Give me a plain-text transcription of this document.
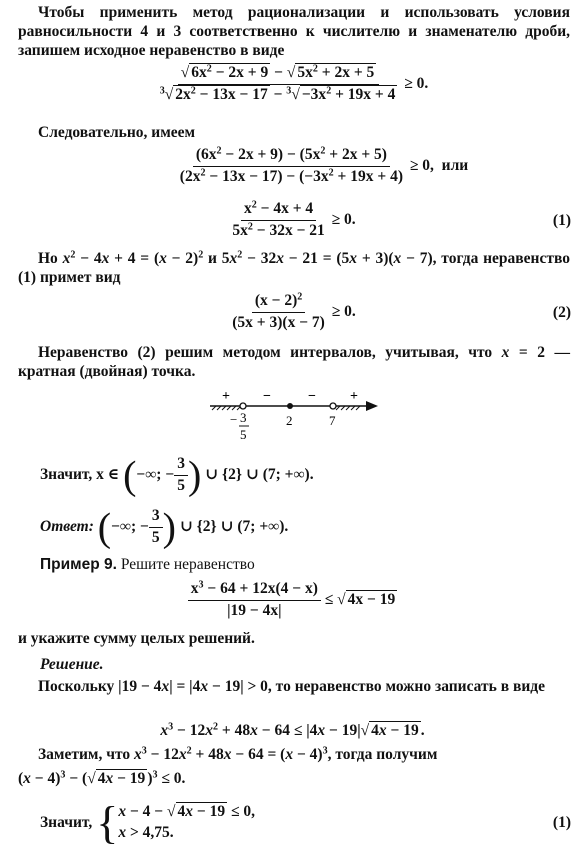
Чтобы применить метод рационализации и использовать условия равносильности 4 и 3 соответственно к числителю и знаменателю дроби, запишем исходное неравенство в виде
$\frac{√ 6x^2 - 2x + 9 - √ 5x^2 + 2x + 5}{^3√ 2x^2 - 13x - 17 - ^3√ -3x^2 + 19x + 4} \ge 0$.
Следовательно, имеем
$\frac{(6x^2 - 2x + 9) - (5x^2 + 2x + 5)}{(2x^2 - 13x - 17) - (-3x^2 + 19x + 4)} \ge 0$,  или
$\frac{x^2 - 4x + 4}{5x^2 - 32x - 21} \ge 0$.	(1)
Но $x^2 - 4x + 4 = (x - 2)^2$ и $5x^2 - 32x - 21 = (5x + 3)(x - 7)$, тогда неравенство (1) примет вид
$\frac{(x - 2)^2}{(5x + 3)(x - 7)} \ge 0$.	(2)
Неравенство (2) решим методом интервалов, учитывая, что x = 2 — кратная (двойная) точка.
+ −	− +
− 3
5
2	7
Значит, x ∈ (−∞; − $\frac{3}{5}$ ) ∪ {2} ∪ (7; +∞).
Ответ: (−∞; − $\frac{3}{5}$ ) ∪ {2} ∪ (7; +∞).
Пример 9. Решите неравенство
$\frac{x^3 - 64 + 12x(4 - x)}{|19 - 4x|}$ ≤ √ 4x − 19
и укажите сумму целых решений.
Решение.
Поскольку |19 − 4x| = |4x − 19| > 0, то неравенство можно записать в виде
$x^3 - 12x^2 + 48x - 64 \le |4x - 19|√$ 4x − 19 .
Заметим, что $x^3 - 12x^2 + 48x - 64 = (x - 4)^3$, тогда получим
$(x - 4)^3$ − (√ 4x − 19 )$^3$ ≤ 0.
Значит, { x − 4 − √ 4x − 19 ≤ 0,
x > 4,75.
(1)
